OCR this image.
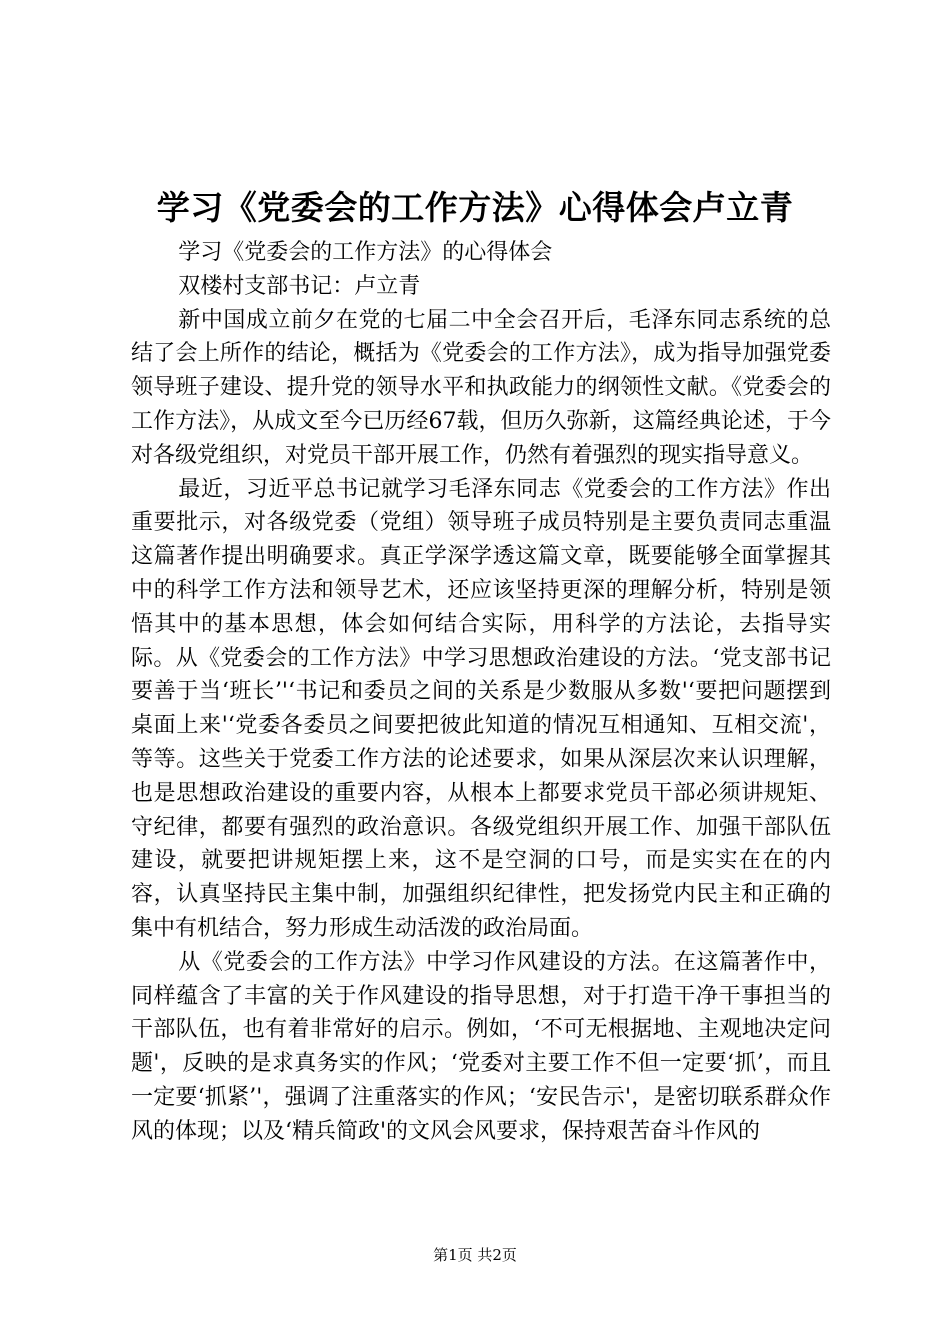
学习《党委会的工作方法》心得体会卢立青

学习《党委会的工作方法》的心得体会

双楼村支部书记：卢立青

新中国成立前夕在党的七届二中全会召开后，毛泽东同志系统的总结了会上所作的结论，概括为《党委会的工作方法》，成为指导加强党委领导班子建设、提升党的领导水平和执政能力的纲领性文献。《党委会的工作方法》，从成文至今已历经67载，但历久弥新，这篇经典论述，于今对各级党组织，对党员干部开展工作，仍然有着强烈的现实指导意义。

最近，习近平总书记就学习毛泽东同志《党委会的工作方法》作出重要批示，对各级党委（党组）领导班子成员特别是主要负责同志重温这篇著作提出明确要求。真正学深学透这篇文章，既要能够全面掌握其中的科学工作方法和领导艺术，还应该坚持更深的理解分析，特别是领悟其中的基本思想，体会如何结合实际，用科学的方法论，去指导实际。从《党委会的工作方法》中学习思想政治建设的方法。‘党支部书记要善于当‘班长’'‘书记和委员之间的关系是少数服从多数'‘要把问题摆到桌面上来'‘党委各委员之间要把彼此知道的情况互相通知、互相交流'，等等。这些关于党委工作方法的论述要求，如果从深层次来认识理解，也是思想政治建设的重要内容，从根本上都要求党员干部必须讲规矩、守纪律，都要有强烈的政治意识。各级党组织开展工作、加强干部队伍建设，就要把讲规矩摆上来，这不是空洞的口号，而是实实在在的内容，认真坚持民主集中制，加强组织纪律性，把发扬党内民主和正确的集中有机结合，努力形成生动活泼的政治局面。

从《党委会的工作方法》中学习作风建设的方法。在这篇著作中，同样蕴含了丰富的关于作风建设的指导思想，对于打造干净干事担当的干部队伍，也有着非常好的启示。例如，‘不可无根据地、主观地决定问题'，反映的是求真务实的作风；‘党委对主要工作不但一定要‘抓’，而且一定要‘抓紧’'，强调了注重落实的作风；‘安民告示'，是密切联系群众作风的体现；以及‘精兵简政'的文风会风要求，保持艰苦奋斗作风的

第1页 共2页
